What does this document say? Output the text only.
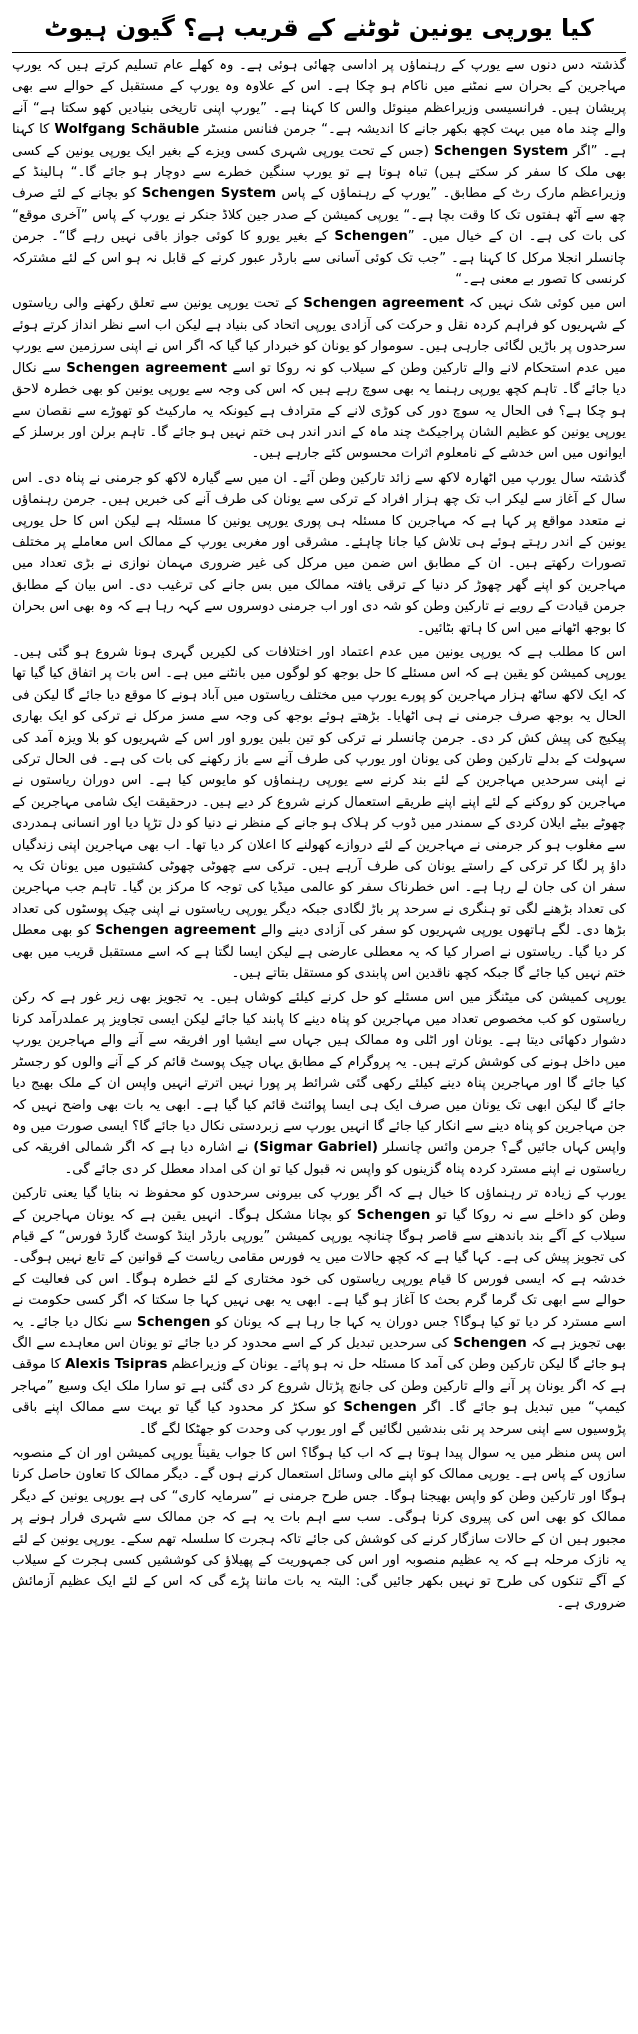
کیا یورپی یونین ٹوٹنے کے قریب ہے؟ گیون ہیوٹ

گذشتہ دس دنوں سے یورپ کے رہنماؤں پر اداسی چھائی ہوئی ہے۔ وہ کھلے عام تسلیم کرتے ہیں کہ یورپ مہاجرین کے بحران سے نمٹنے میں ناکام ہو چکا ہے۔ اس کے علاوہ وہ یورپ کے مستقبل کے حوالے سے بھی پریشان ہیں۔ فرانسیسی وزیراعظم مینوئل والس کا کہنا ہے۔ ”یورپ اپنی تاریخی بنیادیں کھو سکتا ہے“ آنے والے چند ماہ میں بہت کچھ بکھر جانے کا اندیشہ ہے۔“ جرمن فنانس منسٹر Wolfgang Schäuble کا کہنا ہے۔ ”اگر Schengen System (جس کے تحت یورپی شہری کسی ویزے کے بغیر ایک یورپی یونین کے کسی بھی ملک کا سفر کر سکتے ہیں) تباہ ہوتا ہے تو یورپ سنگین خطرے سے دوچار ہو جائے گا۔“ ہالینڈ کے وزیراعظم مارک رٹ کے مطابق۔ ”یورپ کے رہنماؤں کے پاس Schengen System کو بچانے کے لئے صرف چھ سے آٹھ ہفتوں تک کا وقت بچا ہے۔“ یورپی کمیشن کے صدر جین کلاڈ جنکر نے یورپ کے پاس ”آخری موقع“ کی بات کی ہے۔ ان کے خیال میں۔ ”Schengen کے بغیر یورو کا کوئی جواز باقی نہیں رہے گا“۔ جرمن چانسلر انجلا مرکل کا کہنا ہے۔ ”جب تک کوئی آسانی سے بارڈر عبور کرنے کے قابل نہ ہو اس کے لئے مشترکہ کرنسی کا تصور بے معنی ہے۔“

اس میں کوئی شک نہیں کہ Schengen agreement کے تحت یورپی یونین سے تعلق رکھنے والی ریاستوں کے شہریوں کو فراہم کردہ نقل و حرکت کی آزادی یورپی اتحاد کی بنیاد ہے لیکن اب اسے نظر انداز کرتے ہوئے سرحدوں پر باڑیں لگائی جارہی ہیں۔ سوموار کو یونان کو خبردار کیا گیا کہ اگر اس نے اپنی سرزمین سے یورپ میں عدم استحکام لانے والے تارکین وطن کے سیلاب کو نہ روکا تو اسے Schengen agreement سے نکال دیا جائے گا۔ تاہم کچھ یورپی رہنما یہ بھی سوچ رہے ہیں کہ اس کی وجہ سے یورپی یونین کو بھی خطرہ لاحق ہو چکا ہے؟ فی الحال یہ سوچ دور کی کوڑی لانے کے مترادف ہے کیونکہ یہ مارکیٹ کو تھوڑے سے نقصان سے یورپی یونین کو عظیم الشان پراجیکٹ چند ماہ کے اندر اندر ہی ختم نہیں ہو جائے گا۔ تاہم برلن اور برسلز کے ایوانوں میں اس خدشے کے نامعلوم اثرات محسوس کئے جارہے ہیں۔

گذشتہ سال یورپ میں اٹھارہ لاکھ سے زائد تارکین وطن آئے۔ ان میں سے گیارہ لاکھ کو جرمنی نے پناہ دی۔ اس سال کے آغاز سے لیکر اب تک چھ ہزار افراد کے ترکی سے یونان کی طرف آنے کی خبریں ہیں۔ جرمن رہنماؤں نے متعدد مواقع پر کہا ہے کہ مہاجرین کا مسئلہ ہی پوری یورپی یونین کا مسئلہ ہے لیکن اس کا حل یورپی یونین کے اندر رہتے ہوئے ہی تلاش کیا جانا چاہئے۔ مشرقی اور مغربی یورپ کے ممالک اس معاملے پر مختلف تصورات رکھتے ہیں۔ ان کے مطابق اس ضمن میں مرکل کی غیر ضروری مہمان نوازی نے بڑی تعداد میں مہاجرین کو اپنے گھر چھوڑ کر دنیا کے ترقی یافتہ ممالک میں بس جانے کی ترغیب دی۔ اس بیان کے مطابق جرمن قیادت کے رویے نے تارکین وطن کو شہ دی اور اب جرمنی دوسروں سے کہہ رہا ہے کہ وہ بھی اس بحران کا بوجھ اٹھانے میں اس کا ہاتھ بٹائیں۔

اس کا مطلب ہے کہ یورپی یونین میں عدم اعتماد اور اختلافات کی لکیریں گہری ہونا شروع ہو گئی ہیں۔ یورپی کمیشن کو یقین ہے کہ اس مسئلے کا حل بوجھ کو لوگوں میں بانٹنے میں ہے۔ اس بات پر اتفاق کیا گیا تھا کہ ایک لاکھ ساٹھ ہزار مہاجرین کو پورے یورپ میں مختلف ریاستوں میں آباد ہونے کا موقع دیا جائے گا لیکن فی الحال یہ بوجھ صرف جرمنی نے ہی اٹھایا۔ بڑھتے ہوئے بوجھ کی وجہ سے مسز مرکل نے ترکی کو ایک بھاری پیکیج کی پیش کش کر دی۔ جرمن چانسلر نے ترکی کو تین بلین یورو اور اس کے شہریوں کو بلا ویزہ آمد کی سہولت کے بدلے تارکین وطن کی یونان اور یورپ کی طرف آنے سے باز رکھنے کی بات کی ہے۔ فی الحال ترکی نے اپنی سرحدیں مہاجرین کے لئے بند کرنے سے یورپی رہنماؤں کو مایوس کیا ہے۔ اس دوران ریاستوں نے مہاجرین کو روکنے کے لئے اپنے اپنے طریقے استعمال کرنے شروع کر دیے ہیں۔ درحقیقت ایک شامی مہاجرین کے چھوٹے بیٹے ایلان کردی کے سمندر میں ڈوب کر ہلاک ہو جانے کے منظر نے دنیا کو دل تڑپا دیا اور انسانی ہمدردی سے مغلوب ہو کر جرمنی نے مہاجرین کے لئے دروازے کھولنے کا اعلان کر دیا تھا۔ اب بھی مہاجرین اپنی زندگیاں داؤ پر لگا کر ترکی کے راستے یونان کی طرف آرہے ہیں۔ ترکی سے چھوٹی چھوٹی کشتیوں میں یونان تک یہ سفر ان کی جان لے رہا ہے۔ اس خطرناک سفر کو عالمی میڈیا کی توجہ کا مرکز بن گیا۔ تاہم جب مہاجرین کی تعداد بڑھنے لگی تو ہنگری نے سرحد پر باڑ لگادی جبکہ دیگر یورپی ریاستوں نے اپنی چیک پوسٹوں کی تعداد بڑھا دی۔ لگے ہاتھوں یورپی شہریوں کو سفر کی آزادی دینے والے Schengen agreement کو بھی معطل کر دیا گیا۔ ریاستوں نے اصرار کیا کہ یہ معطلی عارضی ہے لیکن ایسا لگتا ہے کہ اسے مستقبل قریب میں بھی ختم نہیں کیا جائے گا جبکہ کچھ ناقدین اس پابندی کو مستقل بتاتے ہیں۔

یورپی کمیشن کی میٹنگز میں اس مسئلے کو حل کرنے کیلئے کوشاں ہیں۔ یہ تجویز بھی زیر غور ہے کہ رکن ریاستوں کو کب مخصوص تعداد میں مہاجرین کو پناہ دینے کا پابند کیا جائے لیکن ایسی تجاویز پر عملدرآمد کرنا دشوار دکھائی دیتا ہے۔ یونان اور اٹلی وہ ممالک ہیں جہاں سے ایشیا اور افریقہ سے آنے والے مہاجرین یورپ میں داخل ہونے کی کوشش کرتے ہیں۔ یہ پروگرام کے مطابق یہاں چیک پوسٹ قائم کر کے آنے والوں کو رجسٹر کیا جائے گا اور مہاجرین پناہ دینے کیلئے رکھی گئی شرائط پر پورا نہیں اترتے انہیں واپس ان کے ملک بھیج دیا جائے گا لیکن ابھی تک یونان میں صرف ایک ہی ایسا پوائنٹ قائم کیا گیا ہے۔ ابھی یہ بات بھی واضح نہیں کہ جن مہاجرین کو پناہ دینے سے انکار کیا جائے گا انہیں یورپ سے زبردستی نکال دیا جائے گا؟ ایسی صورت میں وہ واپس کہاں جائیں گے؟ جرمن وائس چانسلر (Sigmar Gabriel) نے اشارہ دیا ہے کہ اگر شمالی افریقہ کی ریاستوں نے اپنے مسترد کردہ پناہ گزینوں کو واپس نہ قبول کیا تو ان کی امداد معطل کر دی جائے گی۔

یورپ کے زیادہ تر رہنماؤں کا خیال ہے کہ اگر یورپ کی بیرونی سرحدوں کو محفوظ نہ بنایا گیا یعنی تارکین وطن کو داخلے سے نہ روکا گیا تو Schengen کو بچانا مشکل ہوگا۔ انہیں یقین ہے کہ یونان مہاجرین کے سیلاب کے آگے بند باندھنے سے قاصر ہوگا چنانچہ یورپی کمیشن ”یورپی بارڈر اینڈ کوسٹ گارڈ فورس“ کے قیام کی تجویز پیش کی ہے۔ کہا گیا ہے کہ کچھ حالات میں یہ فورس مقامی ریاست کے قوانین کے تابع نہیں ہوگی۔ خدشہ ہے کہ ایسی فورس کا قیام یورپی ریاستوں کی خود مختاری کے لئے خطرہ ہوگا۔ اس کی فعالیت کے حوالے سے ابھی تک گرما گرم بحث کا آغاز ہو گیا ہے۔ ابھی یہ بھی نہیں کہا جا سکتا کہ اگر کسی حکومت نے اسے مسترد کر دیا تو کیا ہوگا؟ جس دوران یہ کہا جا رہا ہے کہ یونان کو Schengen سے نکال دیا جائے۔ یہ بھی تجویز ہے کہ Schengen کی سرحدیں تبدیل کر کے اسے محدود کر دیا جائے تو یونان اس معاہدے سے الگ ہو جائے گا لیکن تارکین وطن کی آمد کا مسئلہ حل نہ ہو پائے۔ یونان کے وزیراعظم Alexis Tsipras کا موقف ہے کہ اگر یونان پر آنے والے تارکین وطن کی جانچ پڑتال شروع کر دی گئی ہے تو سارا ملک ایک وسیع ”مہاجر کیمپ“ میں تبدیل ہو جائے گا۔ اگر Schengen کو سکڑ کر محدود کیا گیا تو بہت سے ممالک اپنے باقی پڑوسیوں سے اپنی سرحد پر نئی بندشیں لگائیں گے اور یورپ کی وحدت کو جھٹکا لگے گا۔

اس پس منظر میں یہ سوال پیدا ہوتا ہے کہ اب کیا ہوگا؟ اس کا جواب یقیناً یورپی کمیشن اور ان کے منصوبہ سازوں کے پاس ہے۔ یورپی ممالک کو اپنے مالی وسائل استعمال کرنے ہوں گے۔ دیگر ممالک کا تعاون حاصل کرنا ہوگا اور تارکین وطن کو واپس بھیجنا ہوگا۔ جس طرح جرمنی نے ”سرمایہ کاری“ کی ہے یورپی یونین کے دیگر ممالک کو بھی اس کی پیروی کرنا ہوگی۔ سب سے اہم بات یہ ہے کہ جن ممالک سے شہری فرار ہونے پر مجبور ہیں ان کے حالات سازگار کرنے کی کوشش کی جائے تاکہ ہجرت کا سلسلہ تھم سکے۔ یورپی یونین کے لئے یہ نازک مرحلہ ہے کہ یہ عظیم منصوبہ اور اس کی جمہوریت کے پھیلاؤ کی کوششیں کسی ہجرت کے سیلاب کے آگے تنکوں کی طرح تو نہیں بکھر جائیں گی: البتہ یہ بات ماننا پڑے گی کہ اس کے لئے ایک عظیم آزمائش ضروری ہے۔
